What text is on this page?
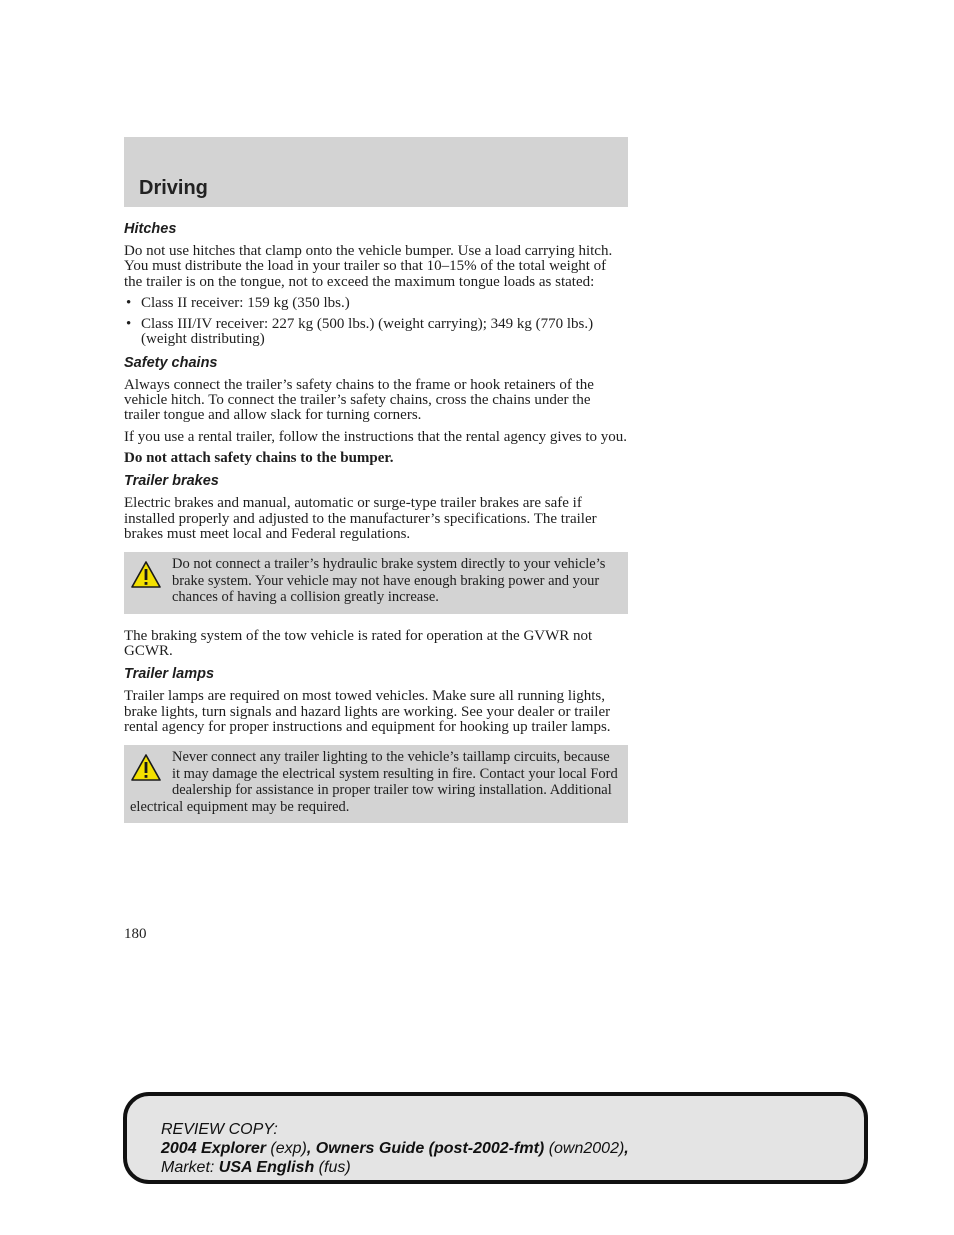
Driving
Hitches

Do not use hitches that clamp onto the vehicle bumper. Use a load carrying hitch. You must distribute the load in your trailer so that 10–15% of the total weight of the trailer is on the tongue, not to exceed the maximum tongue loads as stated:

• Class II receiver: 159 kg (350 lbs.)
• Class III/IV receiver: 227 kg (500 lbs.) (weight carrying); 349 kg (770 lbs.) (weight distributing)
Safety chains

Always connect the trailer’s safety chains to the frame or hook retainers of the vehicle hitch. To connect the trailer’s safety chains, cross the chains under the trailer tongue and allow slack for turning corners.

If you use a rental trailer, follow the instructions that the rental agency gives to you.

Do not attach safety chains to the bumper.

Trailer brakes

Electric brakes and manual, automatic or surge-type trailer brakes are safe if installed properly and adjusted to the manufacturer’s specifications. The trailer brakes must meet local and Federal regulations.

Do not connect a trailer’s hydraulic brake system directly to your vehicle’s brake system. Your vehicle may not have enough braking power and your chances of having a collision greatly increase.

The braking system of the tow vehicle is rated for operation at the GVWR not GCWR.

Trailer lamps

Trailer lamps are required on most towed vehicles. Make sure all running lights, brake lights, turn signals and hazard lights are working. See your dealer or trailer rental agency for proper instructions and equipment for hooking up trailer lamps.

Never connect any trailer lighting to the vehicle’s taillamp circuits, because it may damage the electrical system resulting in fire. Contact your local Ford dealership for assistance in proper trailer tow wiring installation. Additional electrical equipment may be required.
180
REVIEW COPY:
2004 Explorer (exp), Owners Guide (post-2002-fmt) (own2002),
Market: USA English (fus)
